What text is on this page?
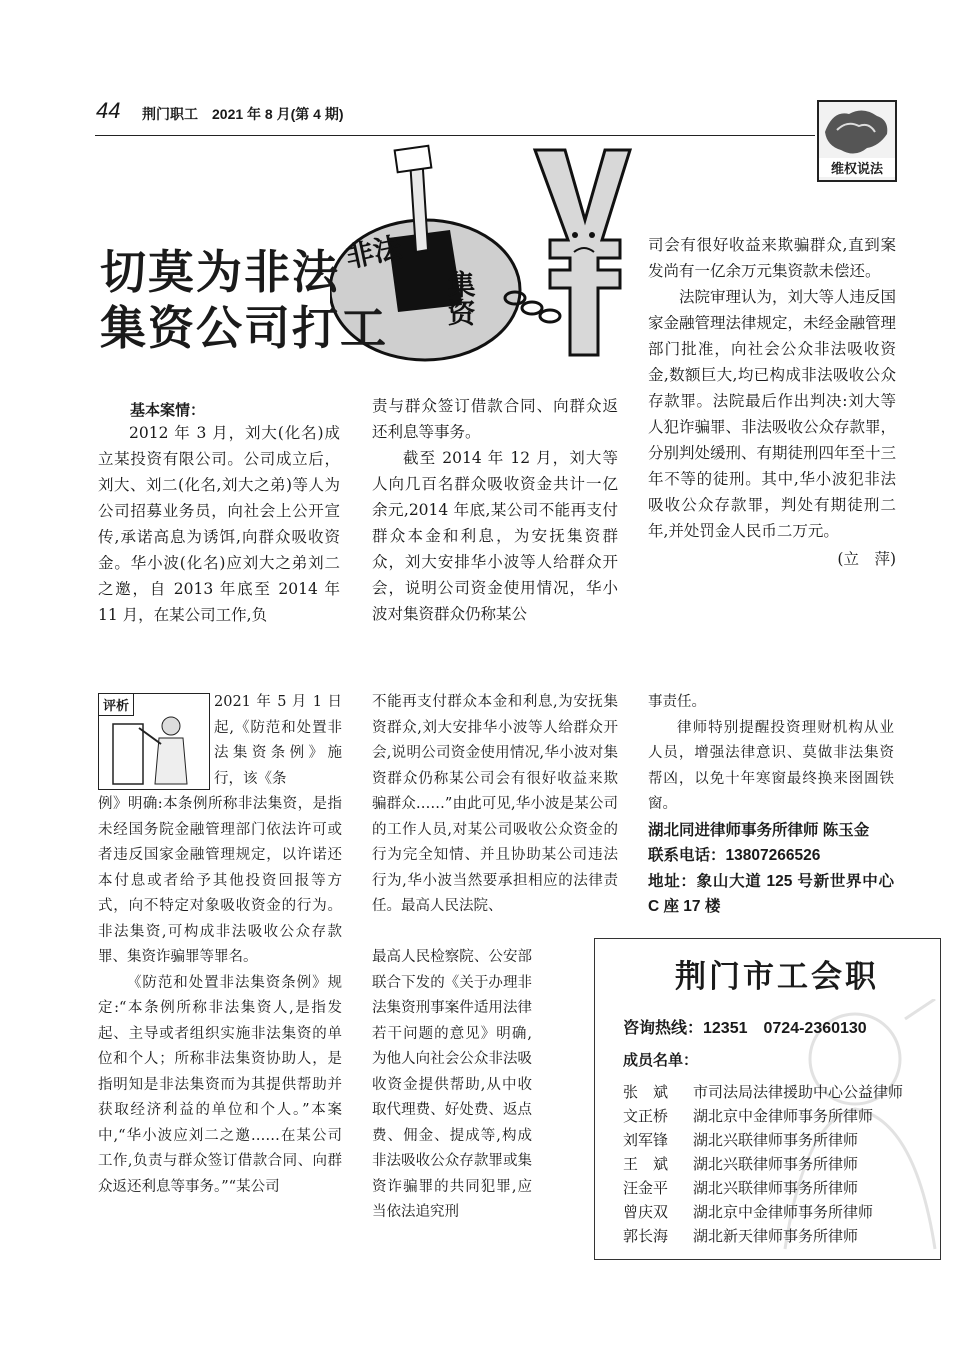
44 荆门职工　2021 年 8 月(第 4 期)
维权说法
非法
集资
切莫为非法
集资公司打工

司会有很好收益来欺骗群众,直到案发尚有一亿余万元集资款未偿还。

法院审理认为，刘大等人违反国家金融管理法律规定，未经金融管理部门批准，向社会公众非法吸收资金,数额巨大,均已构成非法吸收公众存款罪。法院最后作出判决:刘大等人犯诈骗罪、非法吸收公众存款罪，分别判处缓刑、有期徒刑四年至十三年不等的徒刑。其中,华小波犯非法吸收公众存款罪，判处有期徒刑二年,并处罚金人民币二万元。

(立　萍)
基本案情：

2012 年 3 月，刘大(化名)成立某投资有限公司。公司成立后，刘大、刘二(化名,刘大之弟)等人为公司招募业务员，向社会上公开宣传,承诺高息为诱饵,向群众吸收资金。华小波(化名)应刘大之弟刘二之邀，自 2013 年底至 2014 年 11 月，在某公司工作,负

责与群众签订借款合同、向群众返还利息等事务。

截至 2014 年 12 月，刘大等人向几百名群众吸收资金共计一亿余元,2014 年底,某公司不能再支付群众本金和利息，为安抚集资群众，刘大安排华小波等人给群众开会，说明公司资金使用情况，华小波对集资群众仍称某公

评析	2021 年 5 月 1 日起,《防范和处置非法集资条例》施行，该《条

例》明确:本条例所称非法集资，是指未经国务院金融管理部门依法许可或者违反国家金融管理规定，以许诺还本付息或者给予其他投资回报等方式，向不特定对象吸收资金的行为。非法集资,可构成非法吸收公众存款罪、集资诈骗罪等罪名。

《防范和处置非法集资条例》规定:“本条例所称非法集资人,是指发起、主导或者组织实施非法集资的单位和个人；所称非法集资协助人，是指明知是非法集资而为其提供帮助并获取经济利益的单位和个人。”本案中,“华小波应刘二之邀……在某公司工作,负责与群众签订借款合同、向群众返还利息等事务。”“某公司

不能再支付群众本金和利息,为安抚集资群众,刘大安排华小波等人给群众开会,说明公司资金使用情况,华小波对集资群众仍称某公司会有很好收益来欺骗群众……”由此可见,华小波是某公司的工作人员,对某公司吸收公众资金的行为完全知情、并且协助某公司违法行为,华小波当然要承担相应的法律责任。最高人民法院、
最高人民检察院、公安部联合下发的《关于办理非法集资刑事案件适用法律若干问题的意见》明确,为他人向社会公众非法吸收资金提供帮助,从中收取代理费、好处费、返点费、佣金、提成等,构成非法吸收公众存款罪或集资诈骗罪的共同犯罪,应当依法追究刑

事责任。

律师特别提醒投资理财机构从业人员，增强法律意识、莫做非法集资帮凶，以免十年寒窗最终换来囹圄铁窗。

湖北同进律师事务所律师 陈玉金
联系电话：13807266526
地址：象山大道 125 号新世界中心 C 座 17 楼
荆门市工会职
咨询热线：12351　0724-2360130
成员名单：
张　斌 市司法局法律援助中心公益律师
文正桥 湖北京中金律师事务所律师
刘军锋 湖北兴联律师事务所律师
王　斌 湖北兴联律师事务所律师
汪金平 湖北兴联律师事务所律师
曾庆双 湖北京中金律师事务所律师
郭长海 湖北新天律师事务所律师
